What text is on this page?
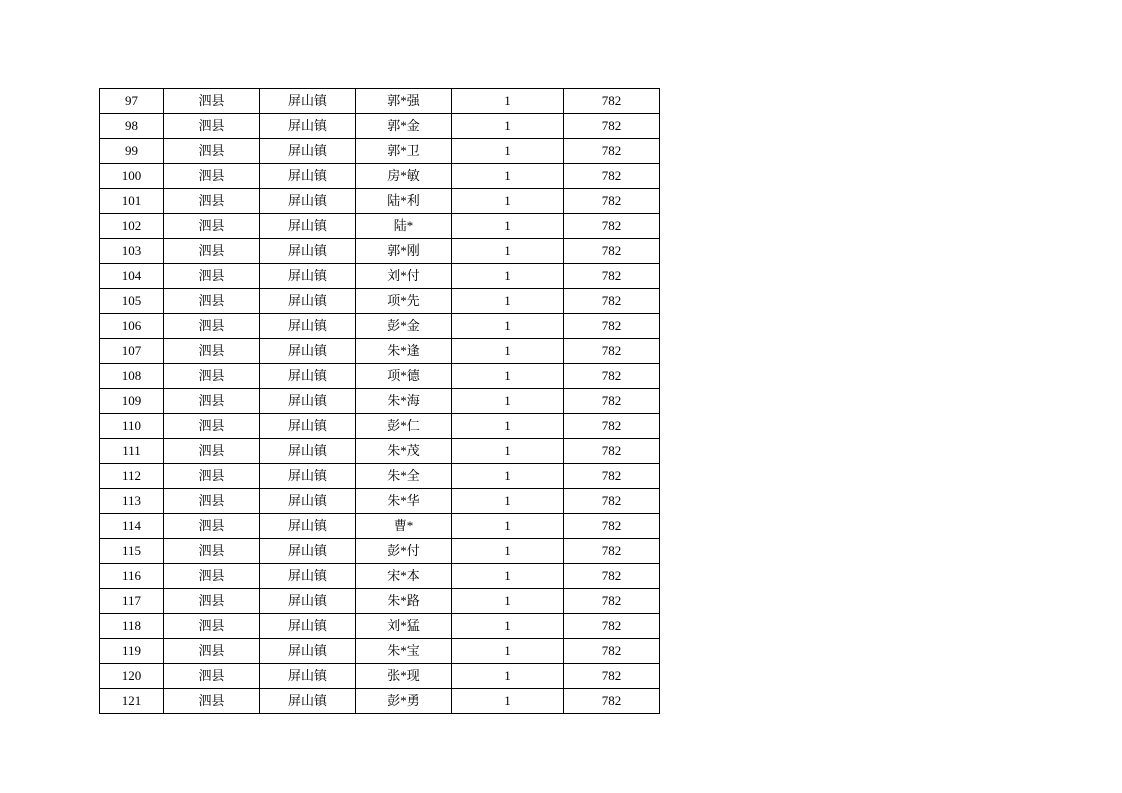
97	泗县	屏山镇	郭*强	1	782
98	泗县	屏山镇	郭*金	1	782
99	泗县	屏山镇	郭*卫	1	782
100	泗县	屏山镇	房*敏	1	782
101	泗县	屏山镇	陆*利	1	782
102	泗县	屏山镇	陆*	1	782
103	泗县	屏山镇	郭*刚	1	782
104	泗县	屏山镇	刘*付	1	782
105	泗县	屏山镇	项*先	1	782
106	泗县	屏山镇	彭*金	1	782
107	泗县	屏山镇	朱*逢	1	782
108	泗县	屏山镇	项*德	1	782
109	泗县	屏山镇	朱*海	1	782
110	泗县	屏山镇	彭*仁	1	782
111	泗县	屏山镇	朱*茂	1	782
112	泗县	屏山镇	朱*全	1	782
113	泗县	屏山镇	朱*华	1	782
114	泗县	屏山镇	曹*	1	782
115	泗县	屏山镇	彭*付	1	782
116	泗县	屏山镇	宋*本	1	782
117	泗县	屏山镇	朱*路	1	782
118	泗县	屏山镇	刘*猛	1	782
119	泗县	屏山镇	朱*宝	1	782
120	泗县	屏山镇	张*现	1	782
121	泗县	屏山镇	彭*勇	1	782
